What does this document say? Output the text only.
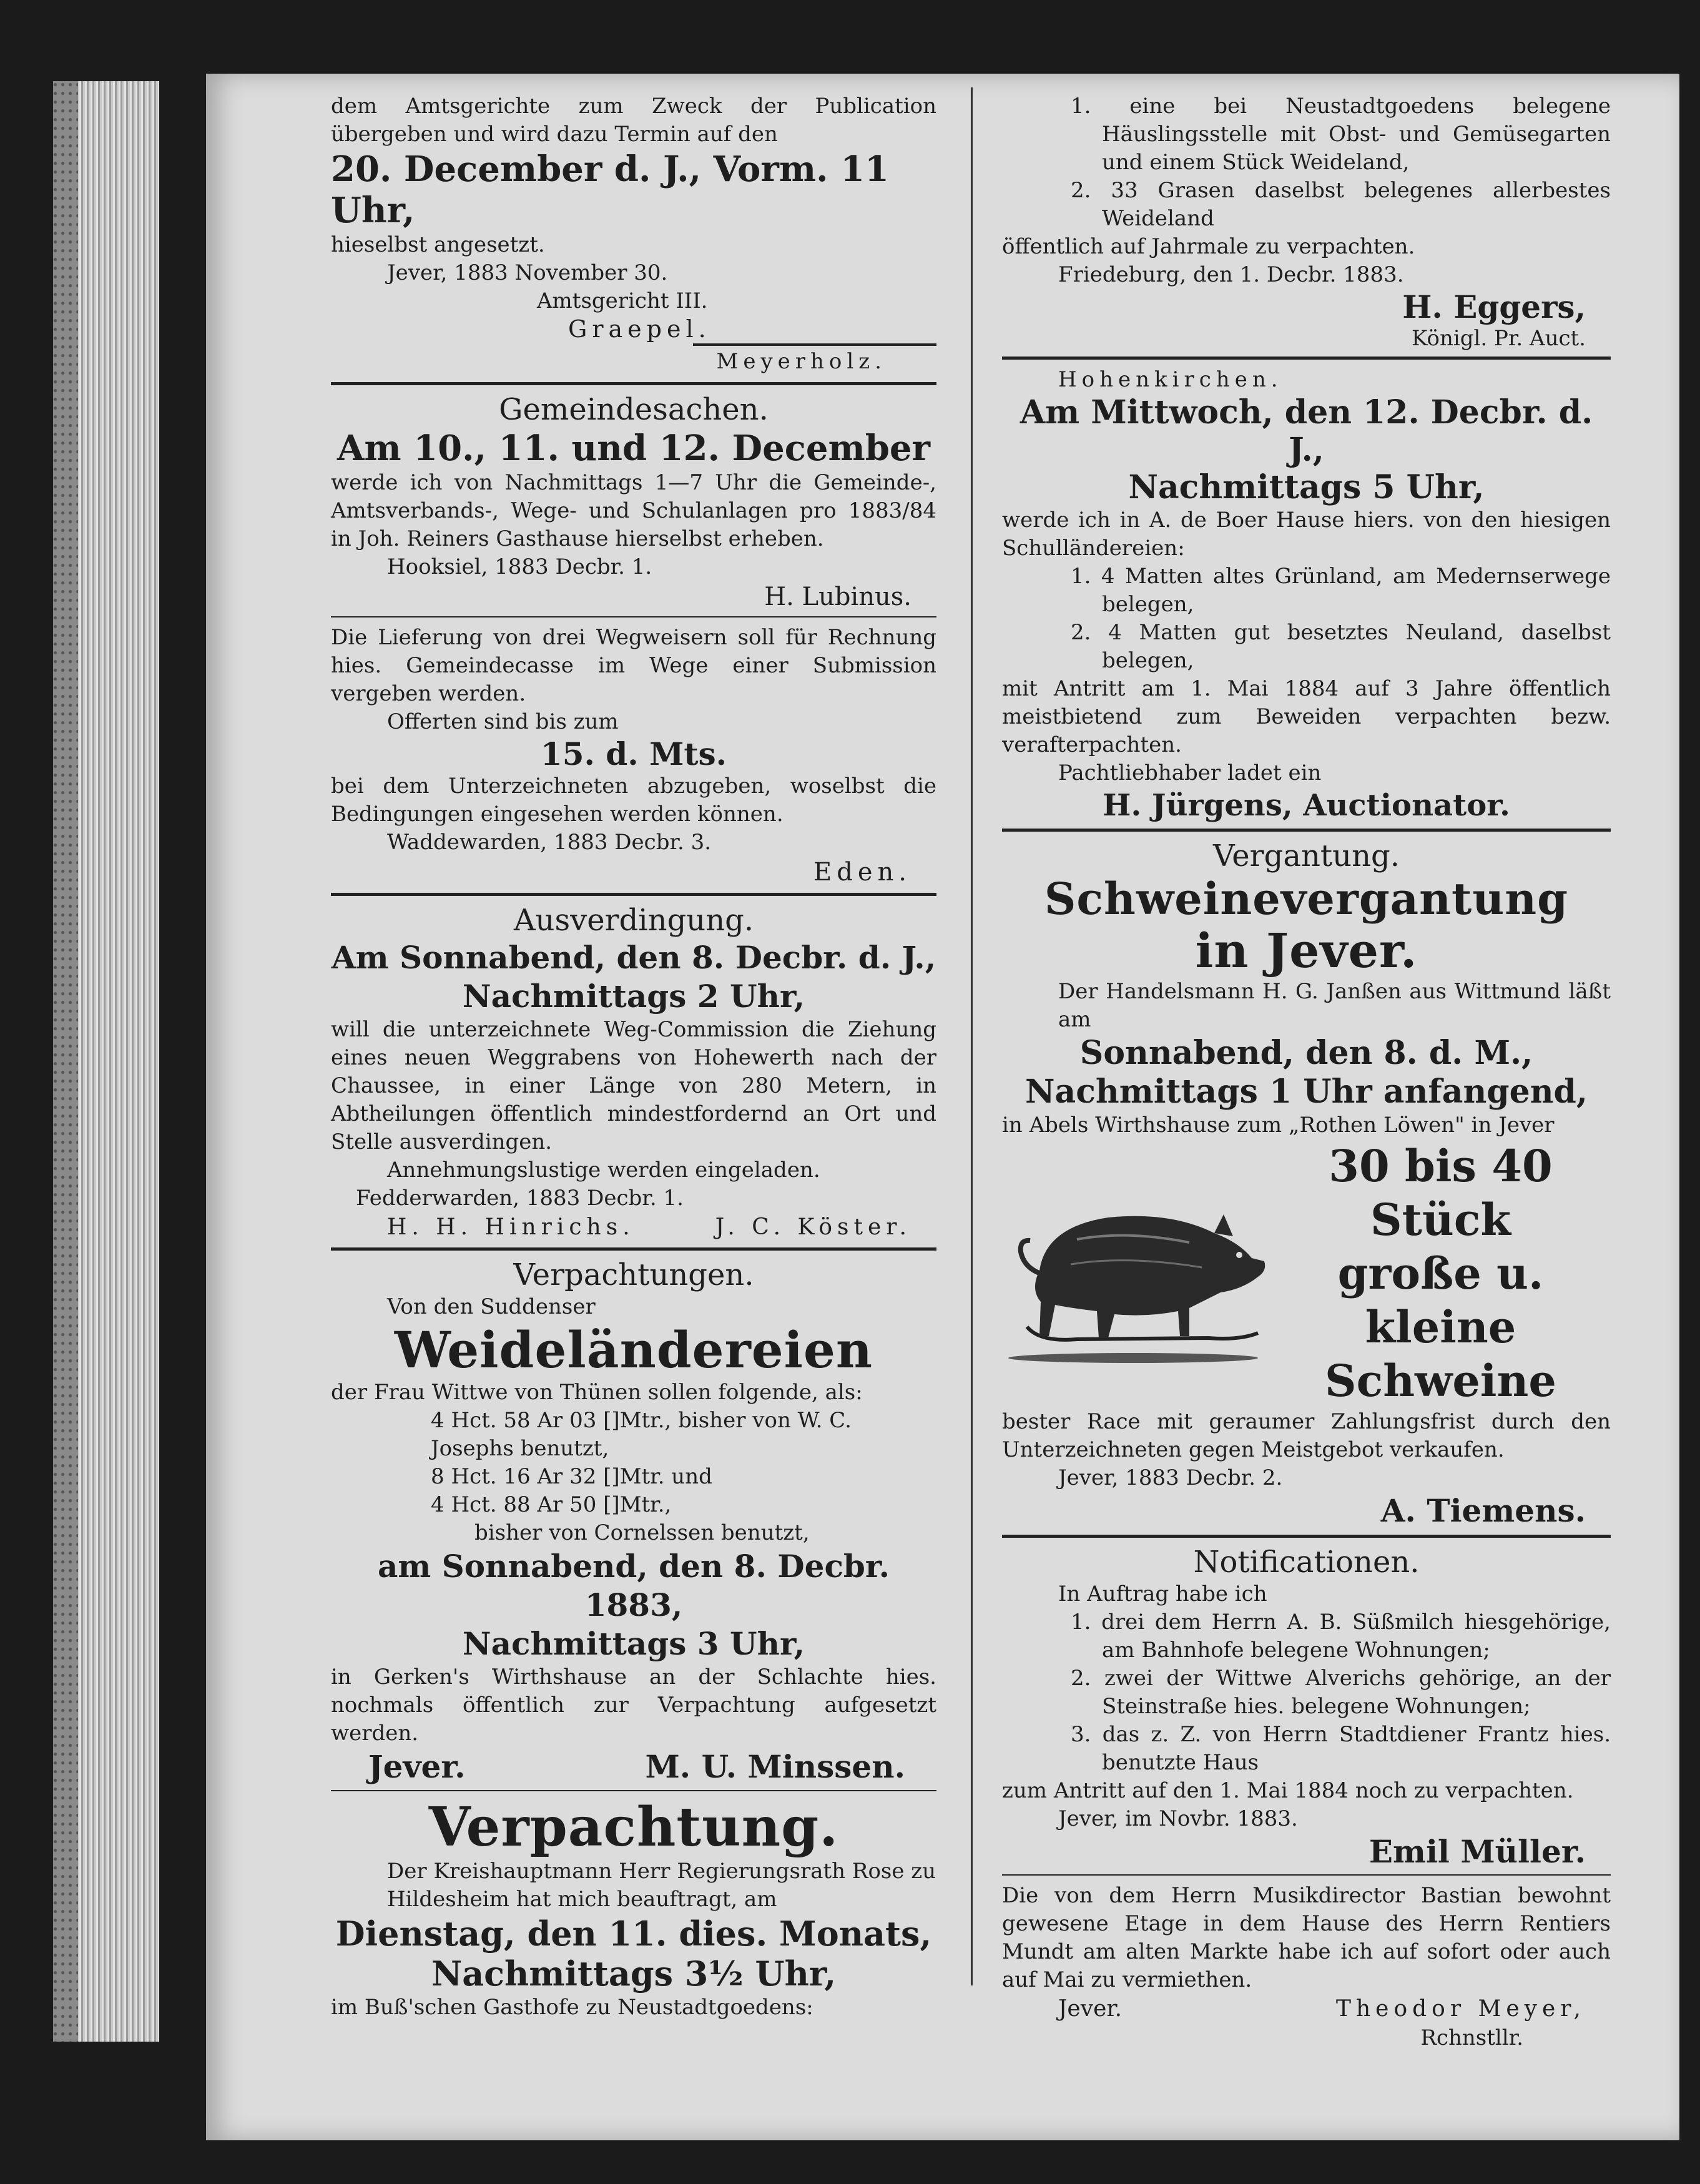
dem Amtsgerichte zum Zweck der Publication übergeben und wird dazu Termin auf den

20. December d. J., Vorm. 11 Uhr,

hieselbst angesetzt.

Jever, 1883 November 30.

Amtsgericht III.

Graepel.

Meyerholz.

Gemeindesachen.

Am 10., 11. und 12. December

werde ich von Nachmittags 1—7 Uhr die Gemeinde-, Amtsverbands-, Wege- und Schulanlagen pro 1883/84 in Joh. Reiners Gasthause hierselbst erheben.

Hooksiel, 1883 Decbr. 1.

H. Lubinus.

Die Lieferung von drei Wegweisern soll für Rechnung hies. Gemeindecasse im Wege einer Submission vergeben werden.

Offerten sind bis zum

15. d. Mts.

bei dem Unterzeichneten abzugeben, woselbst die Bedingungen eingesehen werden können.

Waddewarden, 1883 Decbr. 3.

Eden.

Ausverdingung.

Am Sonnabend, den 8. Decbr. d. J.,

Nachmittags 2 Uhr,

will die unterzeichnete Weg-Commission die Ziehung eines neuen Weggrabens von Hohewerth nach der Chaussee, in einer Länge von 280 Metern, in Abtheilungen öffentlich mindestfordernd an Ort und Stelle ausverdingen.

Annehmungslustige werden eingeladen.

Fedderwarden, 1883 Decbr. 1.

H. H. Hinrichs.	J. C. Köster.

Verpachtungen.

Von den Suddenser

Weideländereien

der Frau Wittwe von Thünen sollen folgende, als:

4 Hct. 58 Ar 03 []Mtr., bisher von W. C. Josephs benutzt,

8 Hct. 16 Ar 32 []Mtr. und

4 Hct. 88 Ar 50 []Mtr.,

bisher von Cornelssen benutzt,

am Sonnabend, den 8. Decbr. 1883,

Nachmittags 3 Uhr,

in Gerken's Wirthshause an der Schlachte hies. nochmals öffentlich zur Verpachtung aufgesetzt werden.

Jever.	M. U. Minssen.

Verpachtung.

Der Kreishauptmann Herr Regierungsrath Rose zu Hildesheim hat mich beauftragt, am

Dienstag, den 11. dies. Monats,

Nachmittags 3½ Uhr,

im Buß'schen Gasthofe zu Neustadtgoedens:

1. eine bei Neustadtgoedens belegene Häuslingsstelle mit Obst- und Gemüsegarten und einem Stück Weideland,

2. 33 Grasen daselbst belegenes allerbestes Weideland

öffentlich auf Jahrmale zu verpachten.

Friedeburg, den 1. Decbr. 1883.

H. Eggers,

Königl. Pr. Auct.

Hohenkirchen.

Am Mittwoch, den 12. Decbr. d. J.,

Nachmittags 5 Uhr,

werde ich in A. de Boer Hause hiers. von den hiesigen Schulländereien:

1. 4 Matten altes Grünland, am Medernserwege belegen,

2. 4 Matten gut besetztes Neuland, daselbst belegen,

mit Antritt am 1. Mai 1884 auf 3 Jahre öffentlich meistbietend zum Beweiden verpachten bezw. verafterpachten.

Pachtliebhaber ladet ein

H. Jürgens, Auctionator.

Vergantung.

Schweinevergantung

in Jever.

Der Handelsmann H. G. Janßen aus Wittmund läßt am

Sonnabend, den 8. d. M.,

Nachmittags 1 Uhr anfangend,

in Abels Wirthshause zum „Rothen Löwen" in Jever

30 bis 40 Stück
große u. kleine
Schweine

bester Race mit geraumer Zahlungsfrist durch den Unterzeichneten gegen Meistgebot verkaufen.

Jever, 1883 Decbr. 2.

A. Tiemens.

Notificationen.

In Auftrag habe ich

1. drei dem Herrn A. B. Süßmilch hiesgehörige, am Bahnhofe belegene Wohnungen;

2. zwei der Wittwe Alverichs gehörige, an der Steinstraße hies. belegene Wohnungen;

3. das z. Z. von Herrn Stadtdiener Frantz hies. benutzte Haus

zum Antritt auf den 1. Mai 1884 noch zu verpachten.

Jever, im Novbr. 1883.

Emil Müller.

Die von dem Herrn Musikdirector Bastian bewohnt gewesene Etage in dem Hause des Herrn Rentiers Mundt am alten Markte habe ich auf sofort oder auch auf Mai zu vermiethen.

Jever.	Theodor Meyer,

Rchnstllr.
